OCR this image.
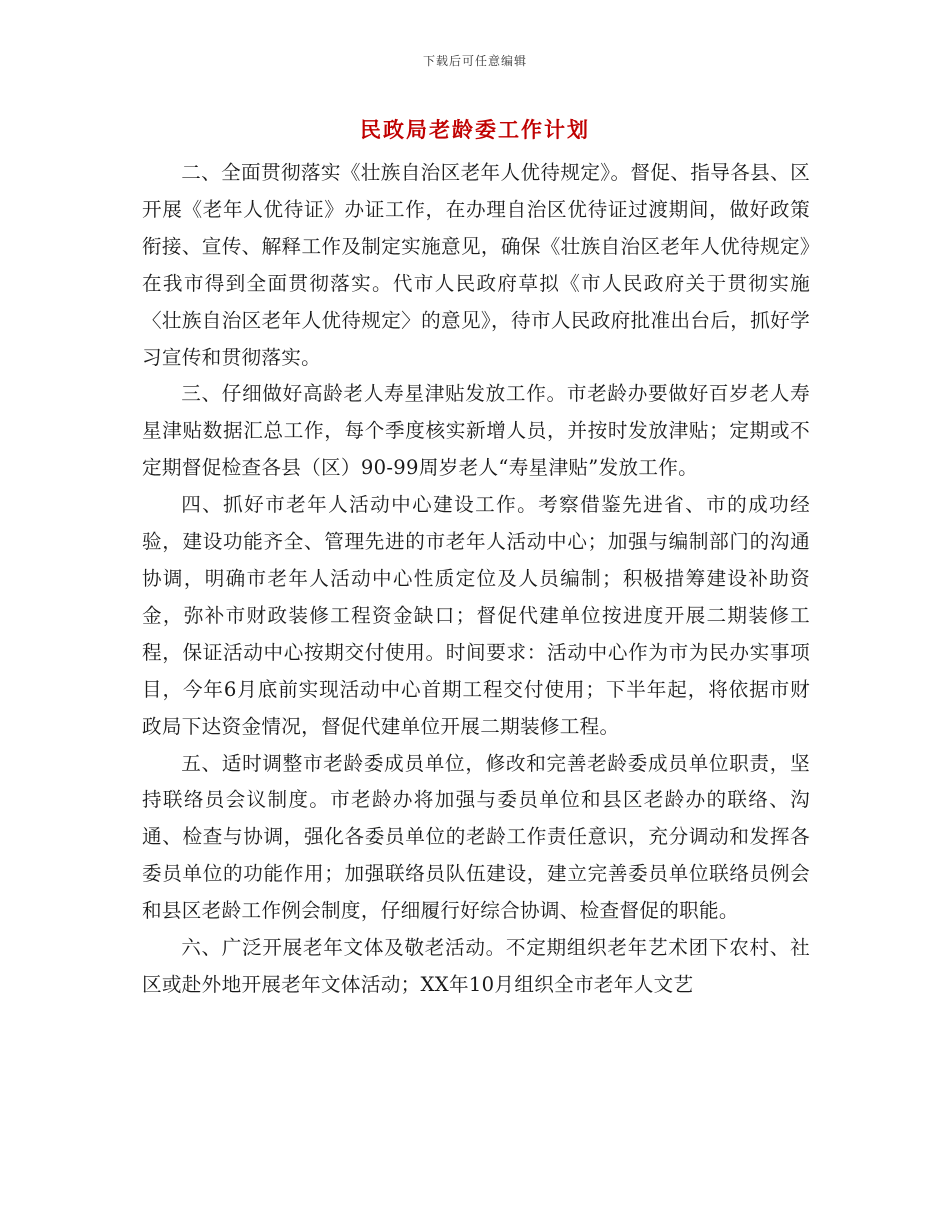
下载后可任意编辑
民政局老龄委工作计划

二、全面贯彻落实《壮族自治区老年人优待规定》。督促、指导各县、区开展《老年人优待证》办证工作，在办理自治区优待证过渡期间，做好政策衔接、宣传、解释工作及制定实施意见，确保《壮族自治区老年人优待规定》在我市得到全面贯彻落实。代市人民政府草拟《市人民政府关于贯彻实施〈壮族自治区老年人优待规定〉的意见》，待市人民政府批准出台后，抓好学习宣传和贯彻落实。

三、仔细做好高龄老人寿星津贴发放工作。市老龄办要做好百岁老人寿星津贴数据汇总工作，每个季度核实新增人员，并按时发放津贴；定期或不定期督促检查各县（区）90-99周岁老人“寿星津贴”发放工作。

四、抓好市老年人活动中心建设工作。考察借鉴先进省、市的成功经验，建设功能齐全、管理先进的市老年人活动中心；加强与编制部门的沟通协调，明确市老年人活动中心性质定位及人员编制；积极措筹建设补助资金，弥补市财政装修工程资金缺口；督促代建单位按进度开展二期装修工程，保证活动中心按期交付使用。时间要求：活动中心作为市为民办实事项目，今年6月底前实现活动中心首期工程交付使用；下半年起，将依据市财政局下达资金情况，督促代建单位开展二期装修工程。

五、适时调整市老龄委成员单位，修改和完善老龄委成员单位职责，坚持联络员会议制度。市老龄办将加强与委员单位和县区老龄办的联络、沟通、检查与协调，强化各委员单位的老龄工作责任意识，充分调动和发挥各委员单位的功能作用；加强联络员队伍建设，建立完善委员单位联络员例会和县区老龄工作例会制度，仔细履行好综合协调、检查督促的职能。

六、广泛开展老年文体及敬老活动。不定期组织老年艺术团下农村、社区或赴外地开展老年文体活动；XX年10月组织全市老年人文艺
